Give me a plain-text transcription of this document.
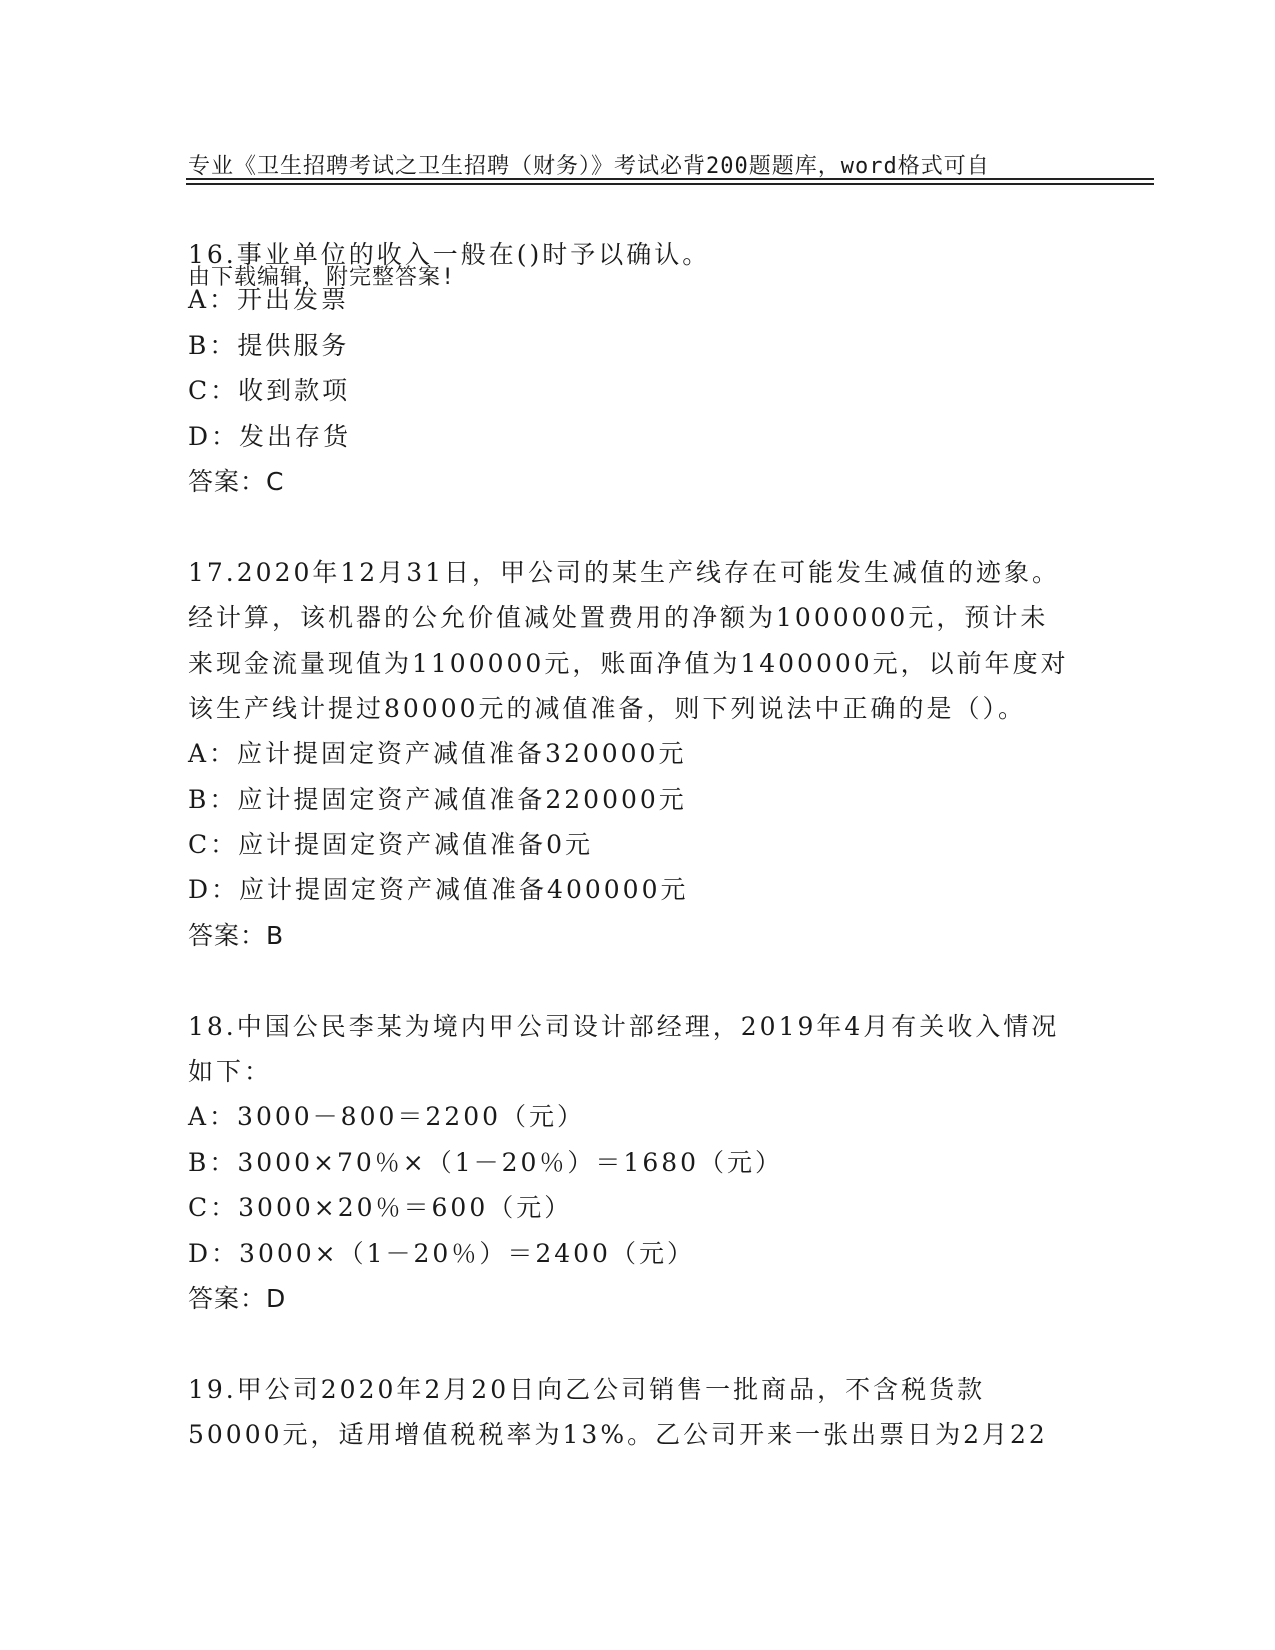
专业《卫生招聘考试之卫生招聘（财务）》考试必背200题题库，word格式可自

由下载编辑，附完整答案!

16.事业单位的收入一般在()时予以确认。
A：开出发票
B：提供服务
C：收到款项
D：发出存货
答案：C
17.2020年12月31日，甲公司的某生产线存在可能发生减值的迹象。
经计算，该机器的公允价值减处置费用的净额为1000000元，预计未
来现金流量现值为1100000元，账面净值为1400000元，以前年度对
该生产线计提过80000元的减值准备，则下列说法中正确的是（）。
A：应计提固定资产减值准备320000元
B：应计提固定资产减值准备220000元
C：应计提固定资产减值准备0元
D：应计提固定资产减值准备400000元
答案：B
18.中国公民李某为境内甲公司设计部经理，2019年4月有关收入情况
如下：
A：3000－800＝2200（元）
B：3000×70％×（1－20％）＝1680（元）
C：3000×20％＝600（元）
D：3000×（1－20％）＝2400（元）
答案：D
19.甲公司2020年2月20日向乙公司销售一批商品，不含税货款
50000元，适用增值税税率为13%。乙公司开来一张出票日为2月22
